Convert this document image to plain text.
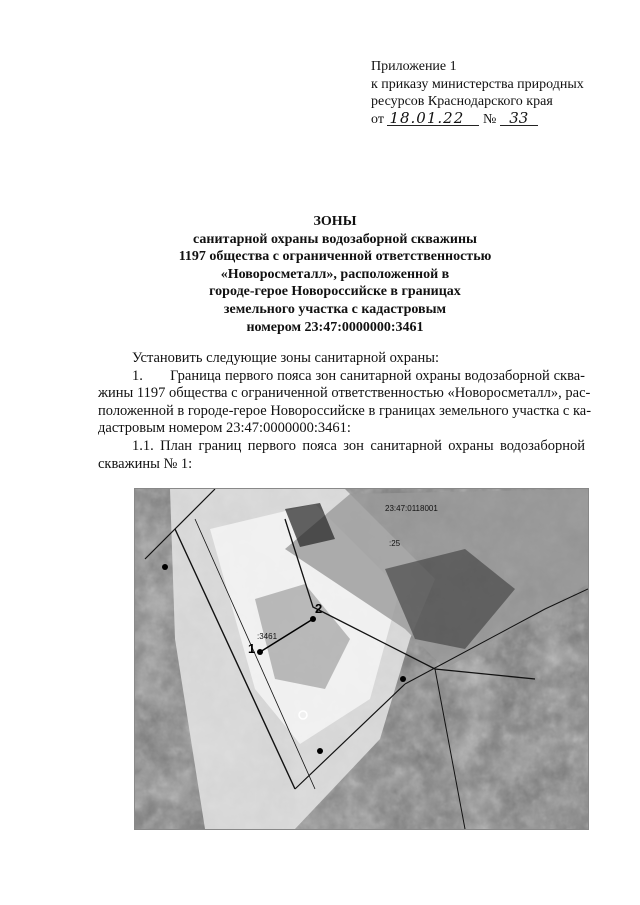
Приложение 1
к приказу министерства природных
ресурсов Краснодарского края
от 18.01.22 № 33
ЗОНЫ
санитарной охраны водозаборной скважины
1197 общества с ограниченной ответственностью
«Новоросметалл», расположенной в
городе-герое Новороссийске в границах
земельного участка с кадастровым
номером 23:47:0000000:3461
Установить следующие зоны санитарной охраны:
1. Граница первого пояса зон санитарной охраны водозаборной сква-
жины 1197 общества с ограниченной ответственностью «Новоросметалл», рас-
положенной в городе-герое Новороссийске в границах земельного участка с ка-
дастровым номером 23:47:0000000:3461:
1.1. План границ первого пояса зон санитарной охраны водозаборной
скважины № 1:
23:47:0118001
:25
:3461
1
2
